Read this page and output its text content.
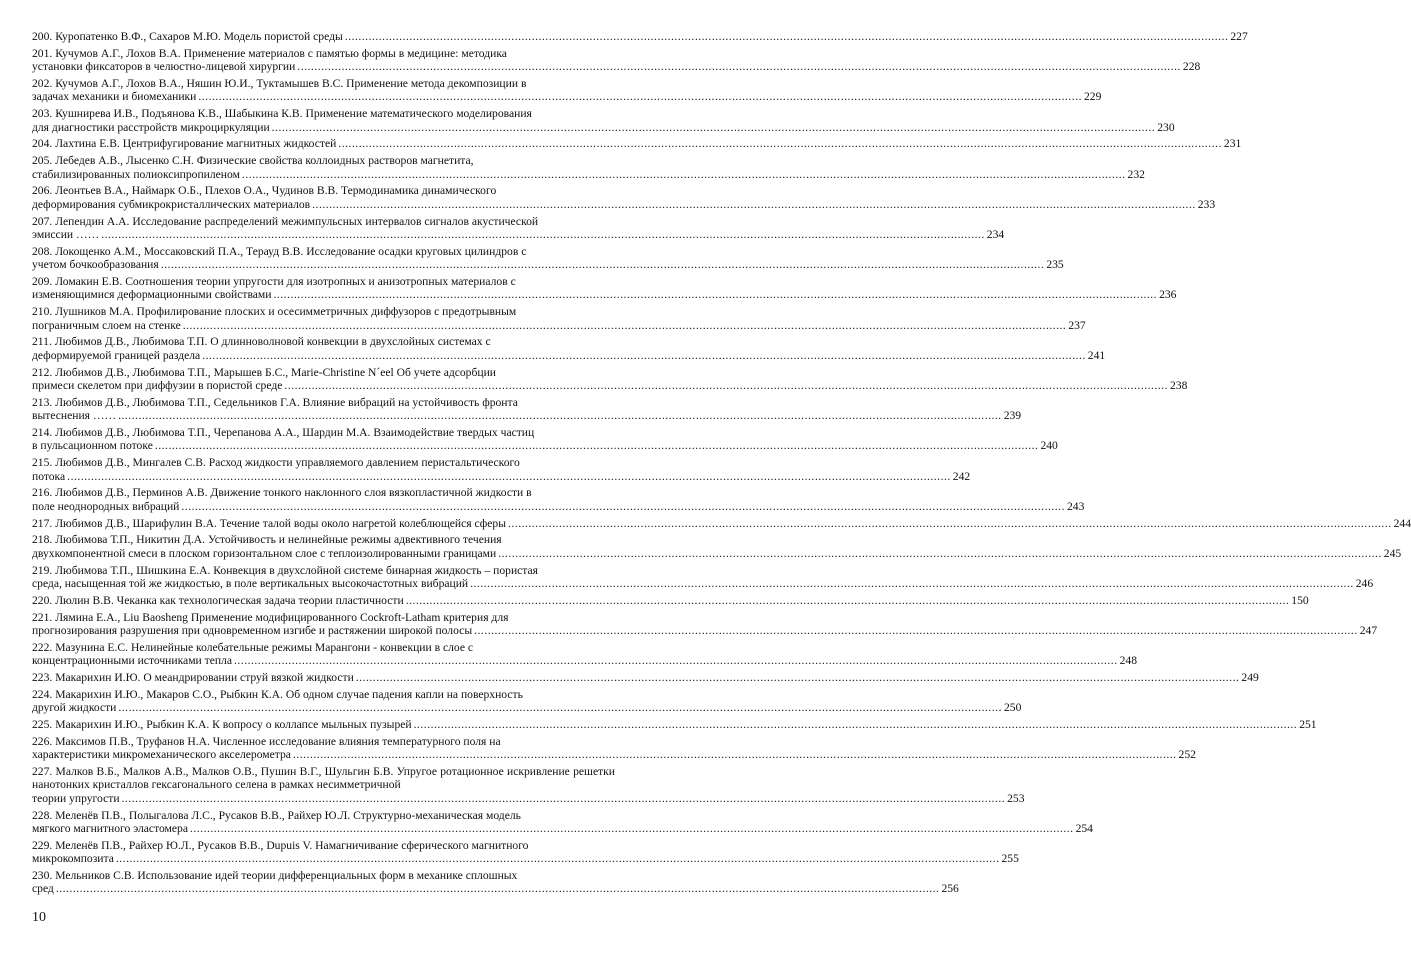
200. Куропатенко В.Ф., Сахаров М.Ю. Модель пористой среды .....	227
201. Кучумов А.Г., Лохов В.А. Применение материалов с памятью формы в медицине: методика
установки фиксаторов в челюстно-лицевой хирургии .....	228
202. Кучумов А.Г., Лохов В.А., Няшин Ю.И., Туктамышев В.С. Применение метода декомпозиции в
задачах механики и биомеханики .....	229
203. Кушнирева И.В., Подъянова К.В., Шабыкина К.В. Применение математического моделирования
для диагностики расстройств микроциркуляции .....	230
204. Лахтина Е.В. Центрифугирование магнитных жидкостей .....	231
205. Лебедев А.В., Лысенко С.Н. Физические свойства коллоидных растворов магнетита,
стабилизированных полиоксипропиленом .....	232
206. Леонтьев В.А., Наймарк О.Б., Плехов О.А., Чудинов В.В. Термодинамика динамического
деформирования субмикрокристаллических материалов .....	233
207. Лепендин А.А. Исследование распределений межимпульсных интервалов сигналов акустической
эмиссии …… .....	234
208. Локощенко А.М., Моссаковский П.А., Терауд В.В. Исследование осадки круговых цилиндров с
учетом бочкообразования .....	235
209. Ломакин Е.В. Соотношения теории упругости для изотропных и анизотропных материалов с
изменяющимися деформационными свойствами .....	236
210. Лушников М.А. Профилирование плоских и осесимметричных диффузоров с предотрывным
пограничным слоем на стенке .....	237
211. Любимов Д.В., Любимова Т.П. О длинноволновой конвекции в двухслойных системах с
деформируемой границей раздела .....	241
212. Любимов Д.В., Любимова Т.П., Марышев Б.С., Marie-Christine N´eel Об учете адсорбции
примеси скелетом при диффузии в пористой среде .....	238
213. Любимов Д.В., Любимова Т.П., Седельников Г.А. Влияние вибраций на устойчивость фронта
вытеснения …… .....	239
214. Любимов Д.В., Любимова Т.П., Черепанова А.А., Шардин М.А. Взаимодействие твердых частиц
в пульсационном потоке .....	240
215. Любимов Д.В., Мингалев С.В. Расход жидкости управляемого давлением перистальтического
потока .....	242
216. Любимов Д.В., Перминов А.В. Движение тонкого наклонного слоя вязкопластичной жидкости в
поле неоднородных вибраций .....	243
217. Любимов Д.В., Шарифулин В.А. Течение талой воды около нагретой колеблющейся сферы .....	244
218. Любимова Т.П., Никитин Д.А. Устойчивость и нелинейные режимы адвективного течения
двухкомпонентной смеси в плоском горизонтальном слое с теплоизолированными границами .....	245
219. Любимова Т.П., Шишкина Е.А. Конвекция в двухслойной системе бинарная жидкость – пористая
среда, насыщенная той же жидкостью, в поле вертикальных высокочастотных вибраций .....	246
220. Люлин В.В. Чеканка как технологическая задача теории пластичности .....	150
221. Лямина Е.А., Liu Baosheng Применение модифицированного Cockroft-Latham критерия для
прогнозирования разрушения при одновременном изгибе и растяжении широкой полосы .....	247
222. Мазунина Е.С. Нелинейные колебательные режимы Марангони - конвекции в слое с
концентрационными источниками тепла .....	248
223. Макарихин И.Ю. О меандрировании струй вязкой жидкости .....	249
224. Макарихин И.Ю., Макаров С.О., Рыбкин К.А. Об одном случае падения капли на поверхность
другой жидкости .....	250
225. Макарихин И.Ю., Рыбкин К.А. К вопросу о коллапсе мыльных пузырей .....	251
226. Максимов П.В., Труфанов Н.А. Численное исследование влияния температурного поля на
характеристики микромеханического акселерометра .....	252
227. Малков В.Б., Малков А.В., Малков О.В., Пушин В.Г., Шульгин Б.В. Упругое ротационное искривление решетки нанотонких кристаллов гексагонального селена в рамках несимметричной
теории упругости .....	253
228. Меленёв П.В., Полыгалова Л.С., Русаков В.В., Райхер Ю.Л. Структурно-механическая модель
мягкого магнитного эластомера .....	254
229. Меленёв П.В., Райхер Ю.Л., Русаков В.В., Dupuis V. Намагничивание сферического магнитного
микрокомпозита .....	255
230. Мельников С.В. Использование идей теории дифференциальных форм в механике сплошных
сред .....	256
10
